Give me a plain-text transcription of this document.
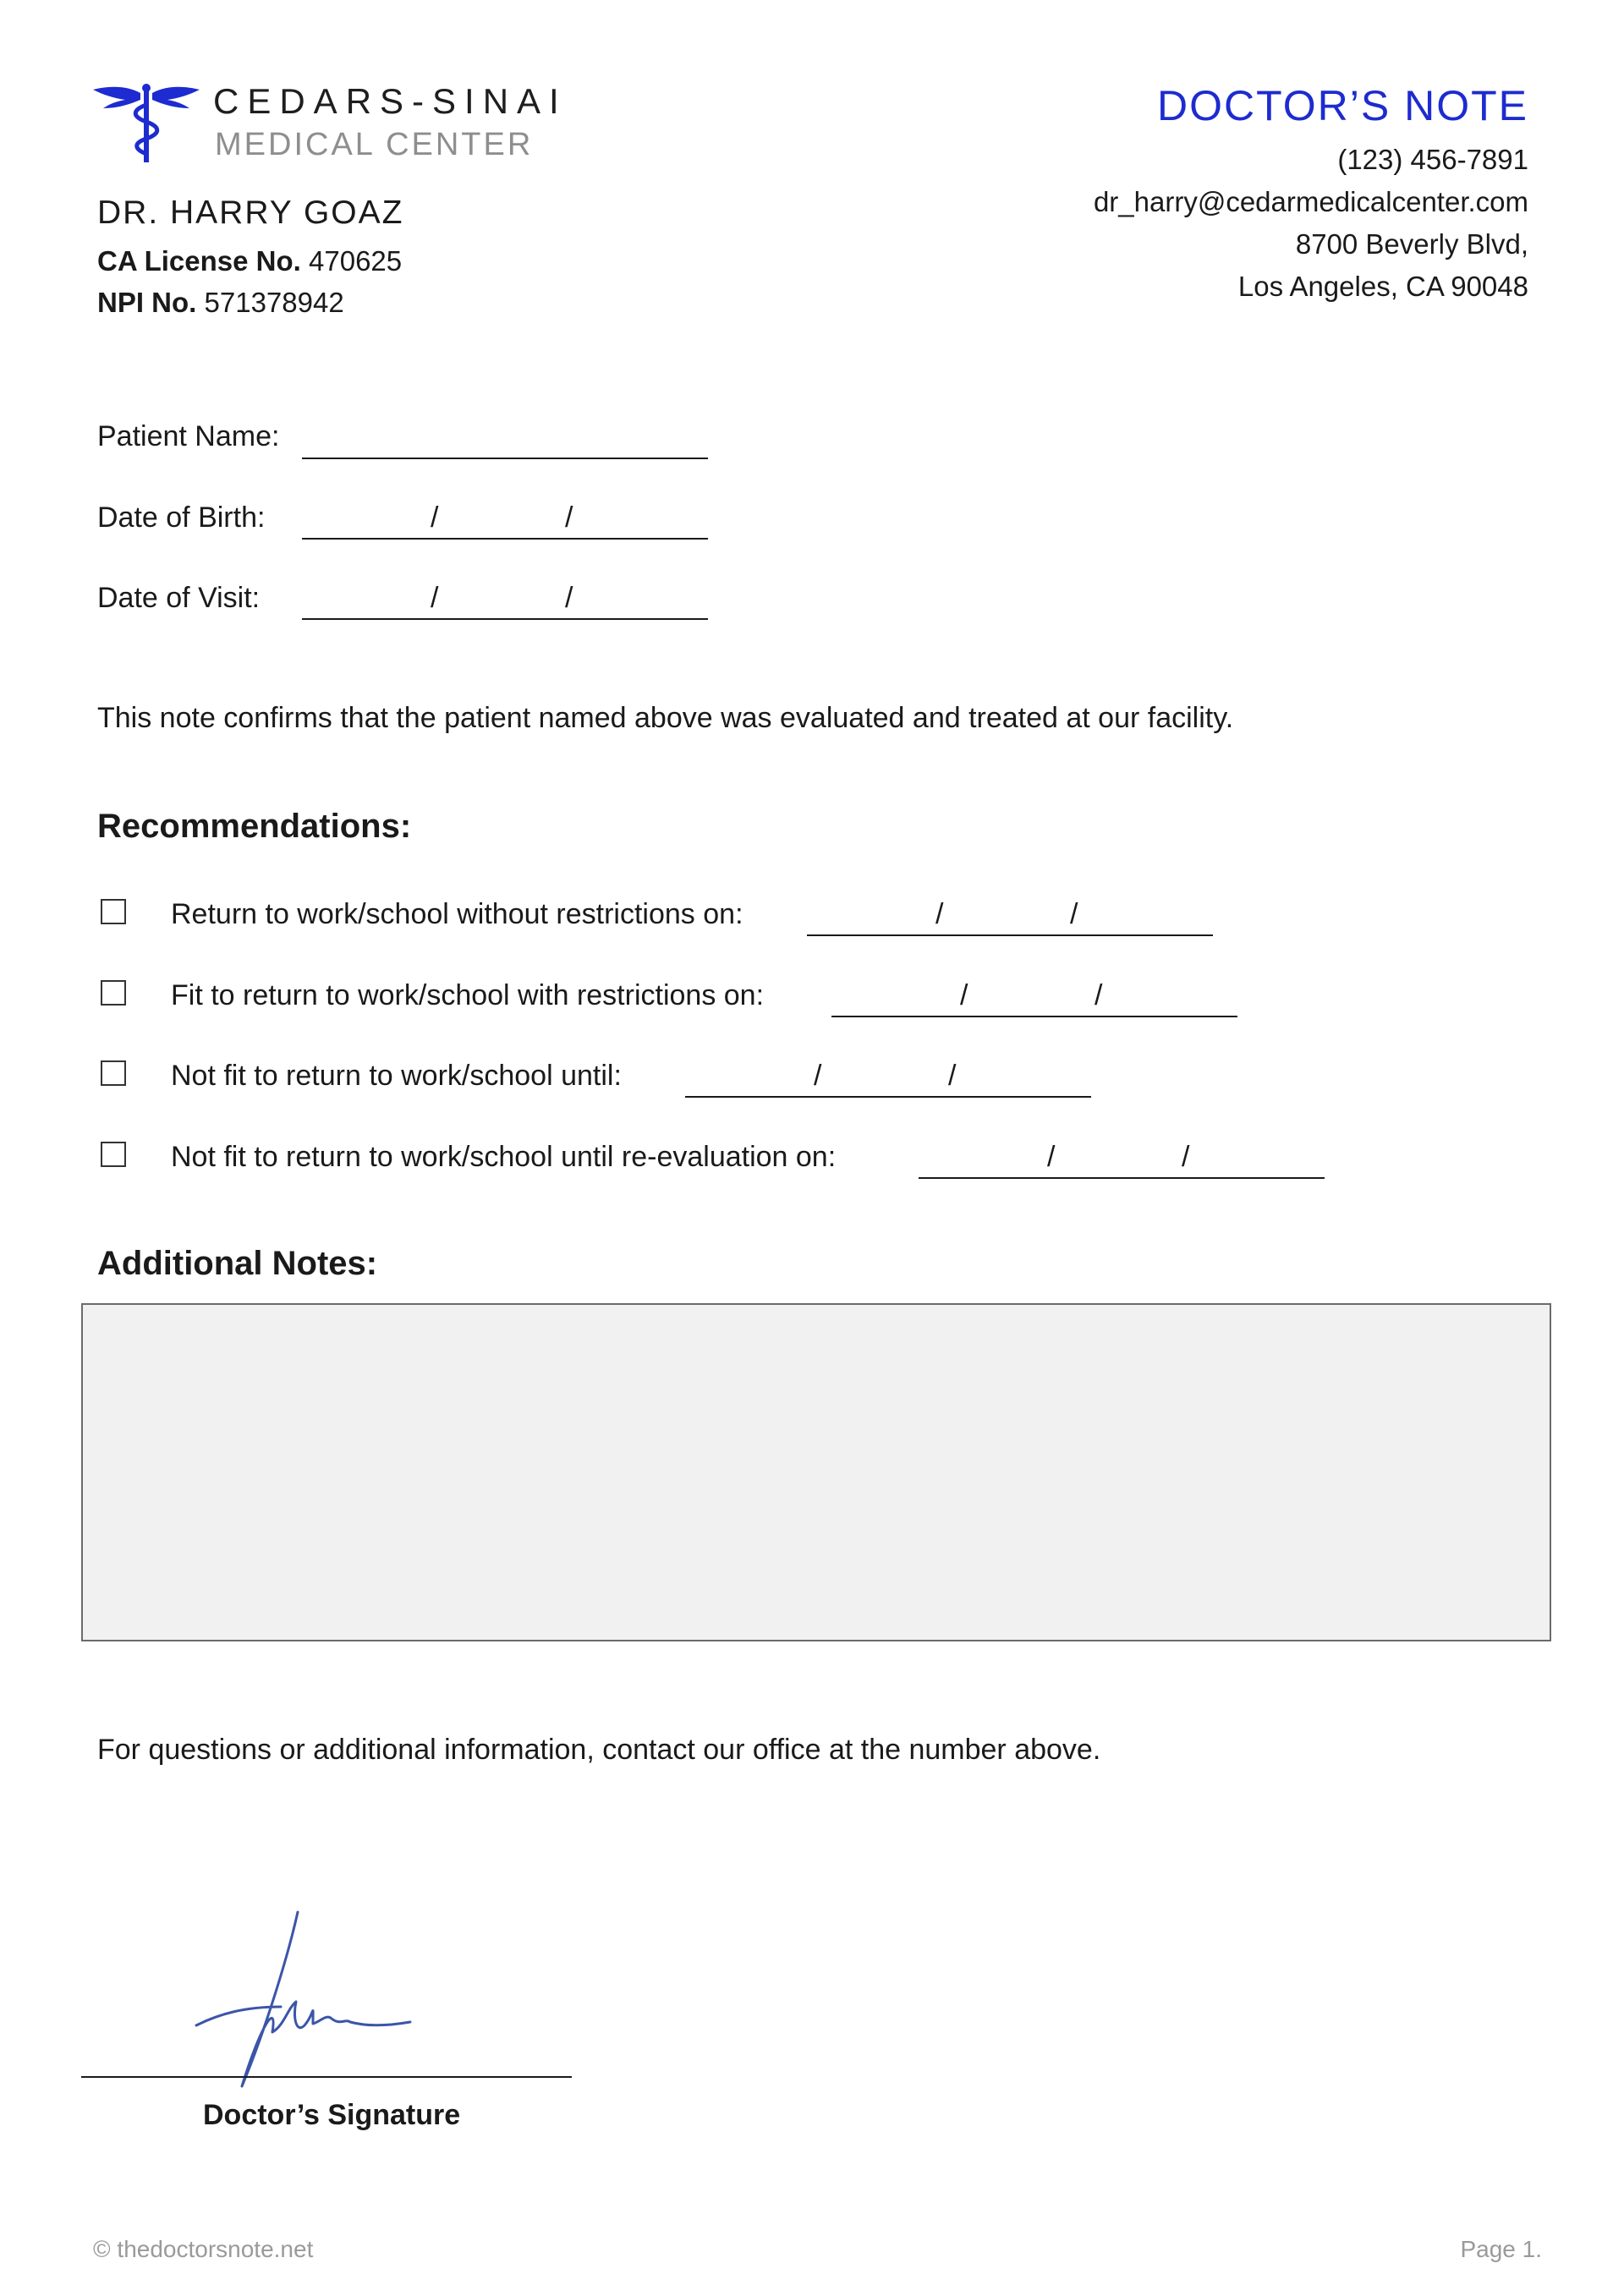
CEDARS-SINAI
MEDICAL CENTER
DOCTOR’S NOTE
(123) 456-7891
dr_harry@cedarmedicalcenter.com
8700 Beverly Blvd,
Los Angeles, CA 90048
DR. HARRY GOAZ
CA License No. 470625
NPI No. 571378942
Patient Name:
Date of Birth:	/	/
Date of Visit:	/	/
This note confirms that the patient named above was evaluated and treated at our facility.
Recommendations:
Return to work/school without restrictions on:	/	/
Fit to return to work/school with restrictions on:	/	/
Not fit to return to work/school until:	/	/
Not fit to return to work/school until re-evaluation on:	/	/
Additional Notes:
For questions or additional information, contact our office at the number above.
Doctor’s Signature
© thedoctorsnote.net	Page 1.
